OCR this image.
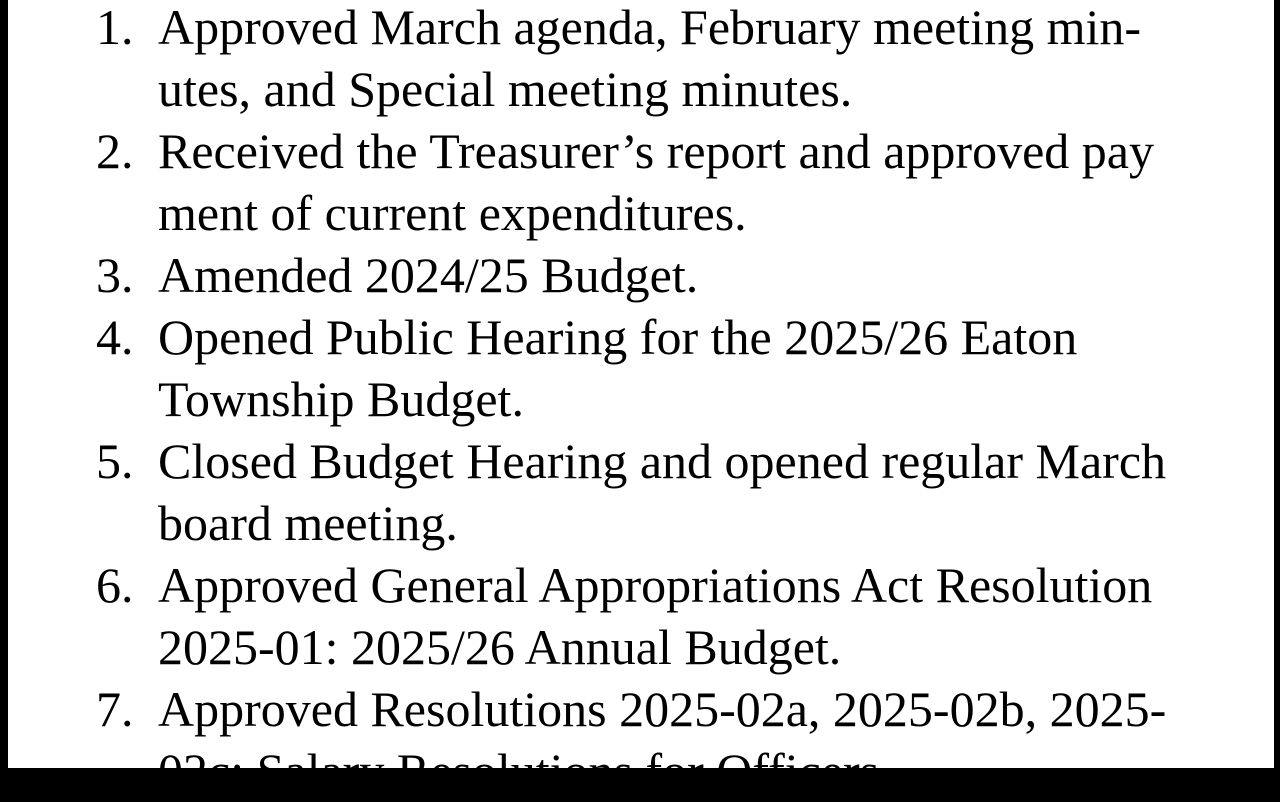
1. Approved March agenda, February meeting min-
utes, and Special meeting minutes.
2. Received the Treasurer’s report and approved pay
ment of current expenditures.
3. Amended 2024/25 Budget.
4. Opened Public Hearing for the 2025/26 Eaton
Township Budget.
5. Closed Budget Hearing and opened regular March
board meeting.
6. Approved General Appropriations Act Resolution
2025-01: 2025/26 Annual Budget.
7. Approved Resolutions 2025-02a, 2025-02b, 2025-
02c: Salary Resolutions for Officers.
